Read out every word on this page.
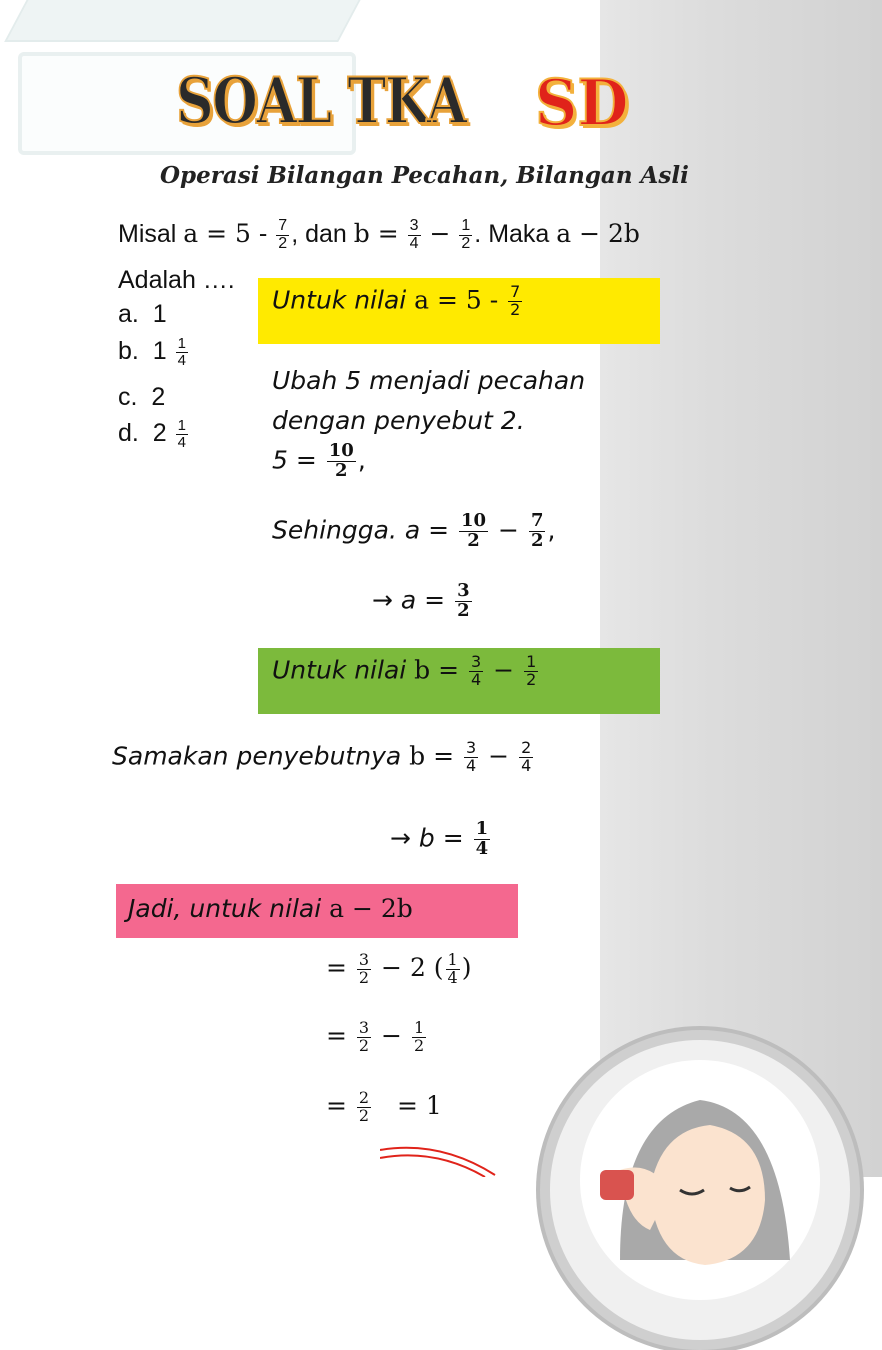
SOAL TKA SD
Operasi Bilangan Pecahan, Bilangan Asli
Misal $a = 5 - \frac{7}{2}$ , dan $b = \frac{3}{4} - \frac{1}{2}$ . Maka a − 2b
Adalah ….
a. 1
b. $1 \frac{1}{4}$
c. 2
d. $2 \frac{1}{4}$
Untuk nilai $a = 5 - \frac{7}{2}$
Ubah 5 menjadi pecahan
dengan penyebut 2.
$5 = \frac{10}{2}$ ,
Sehingga. $a = \frac{10}{2} - \frac{7}{2}$ ,
→ $a = \frac{3}{2}$
Untuk nilai $b = \frac{3}{4} - \frac{1}{2}$
Samakan penyebutnya $b = \frac{3}{4} - \frac{2}{4}$
→ $b = \frac{1}{4}$
Jadi, untuk nilai a − 2b
= $\frac{3}{2} - 2$ ( $\frac{1}{4}$ )
= $\frac{3}{2} - \frac{1}{2}$
= $\frac{2}{2} = 1$
